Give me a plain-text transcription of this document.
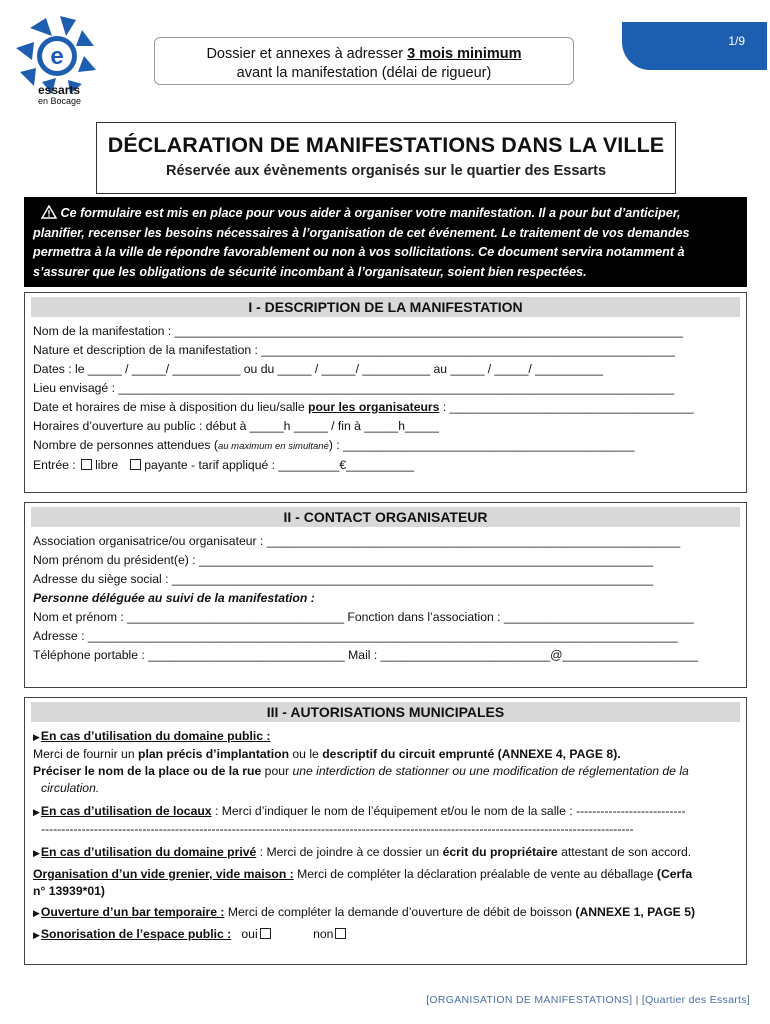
e
essarts
en Bocage
Dossier et annexes à adresser 3 mois minimum
avant la manifestation (délai de rigueur)
1/9
DÉCLARATION DE MANIFESTATIONS DANS LA VILLE
Réservée aux évènements organisés sur le quartier des Essarts
Ce formulaire est mis en place pour vous aider à organiser votre manifestation. Il a pour but d’anticiper,
planifier, recenser les besoins nécessaires à l’organisation de cet événement. Le traitement de vos demandes
permettra à la ville de répondre favorablement ou non à vos sollicitations. Ce document servira notamment à
s’assurer que les obligations de sécurité incombant à l’organisateur, soient bien respectées.
I - DESCRIPTION DE LA MANIFESTATION
Nom de la manifestation : ___________________________________________________________________________
Nature et description de la manifestation : _____________________________________________________________
Dates : le _____ / _____/ __________ ou du _____ / _____/ __________ au _____ / _____/ __________
Lieu envisagé : __________________________________________________________________________________
Date et horaires de mise à disposition du lieu/salle pour les organisateurs : ____________________________________
Horaires d’ouverture au public : début à _____h _____ / fin à _____h_____
Nombre de personnes attendues (au maximum en simultané) : ___________________________________________
Entrée : libre payante - tarif appliqué : _________€__________
II - CONTACT ORGANISATEUR
Association organisatrice/ou organisateur : _____________________________________________________________
Nom prénom du président(e) : ___________________________________________________________________
Adresse du siège social : _______________________________________________________________________
Personne déléguée au suivi de la manifestation :
Nom et prénom : ________________________________ Fonction dans l’association : ____________________________
Adresse : _______________________________________________________________________________________
Téléphone portable : _____________________________ Mail : _________________________@____________________
III - AUTORISATIONS MUNICIPALES
▶En cas d’utilisation du domaine public :
Merci de fournir un plan précis d’implantation ou le descriptif du circuit emprunté (ANNEXE 4, PAGE 8).
Préciser le nom de la place ou de la rue pour une interdiction de stationner ou une modification de réglementation de la
circulation.
▶En cas d’utilisation de locaux : Merci d’indiquer le nom de l’équipement et/ou le nom de la salle : ---------------------------
--------------------------------------------------------------------------------------------------------------------------------------------------
▶En cas d’utilisation du domaine privé : Merci de joindre à ce dossier un écrit du propriétaire attestant de son accord.
Organisation d’un vide grenier, vide maison : Merci de compléter la déclaration préalable de vente au déballage (Cerfa
n° 13939*01)
▶Ouverture d’un bar temporaire : Merci de compléter la demande d’ouverture de débit de boisson (ANNEXE 1, PAGE 5)
▶Sonorisation de l’espace public : oui	non
[ORGANISATION DE MANIFESTATIONS] | [Quartier des Essarts]
